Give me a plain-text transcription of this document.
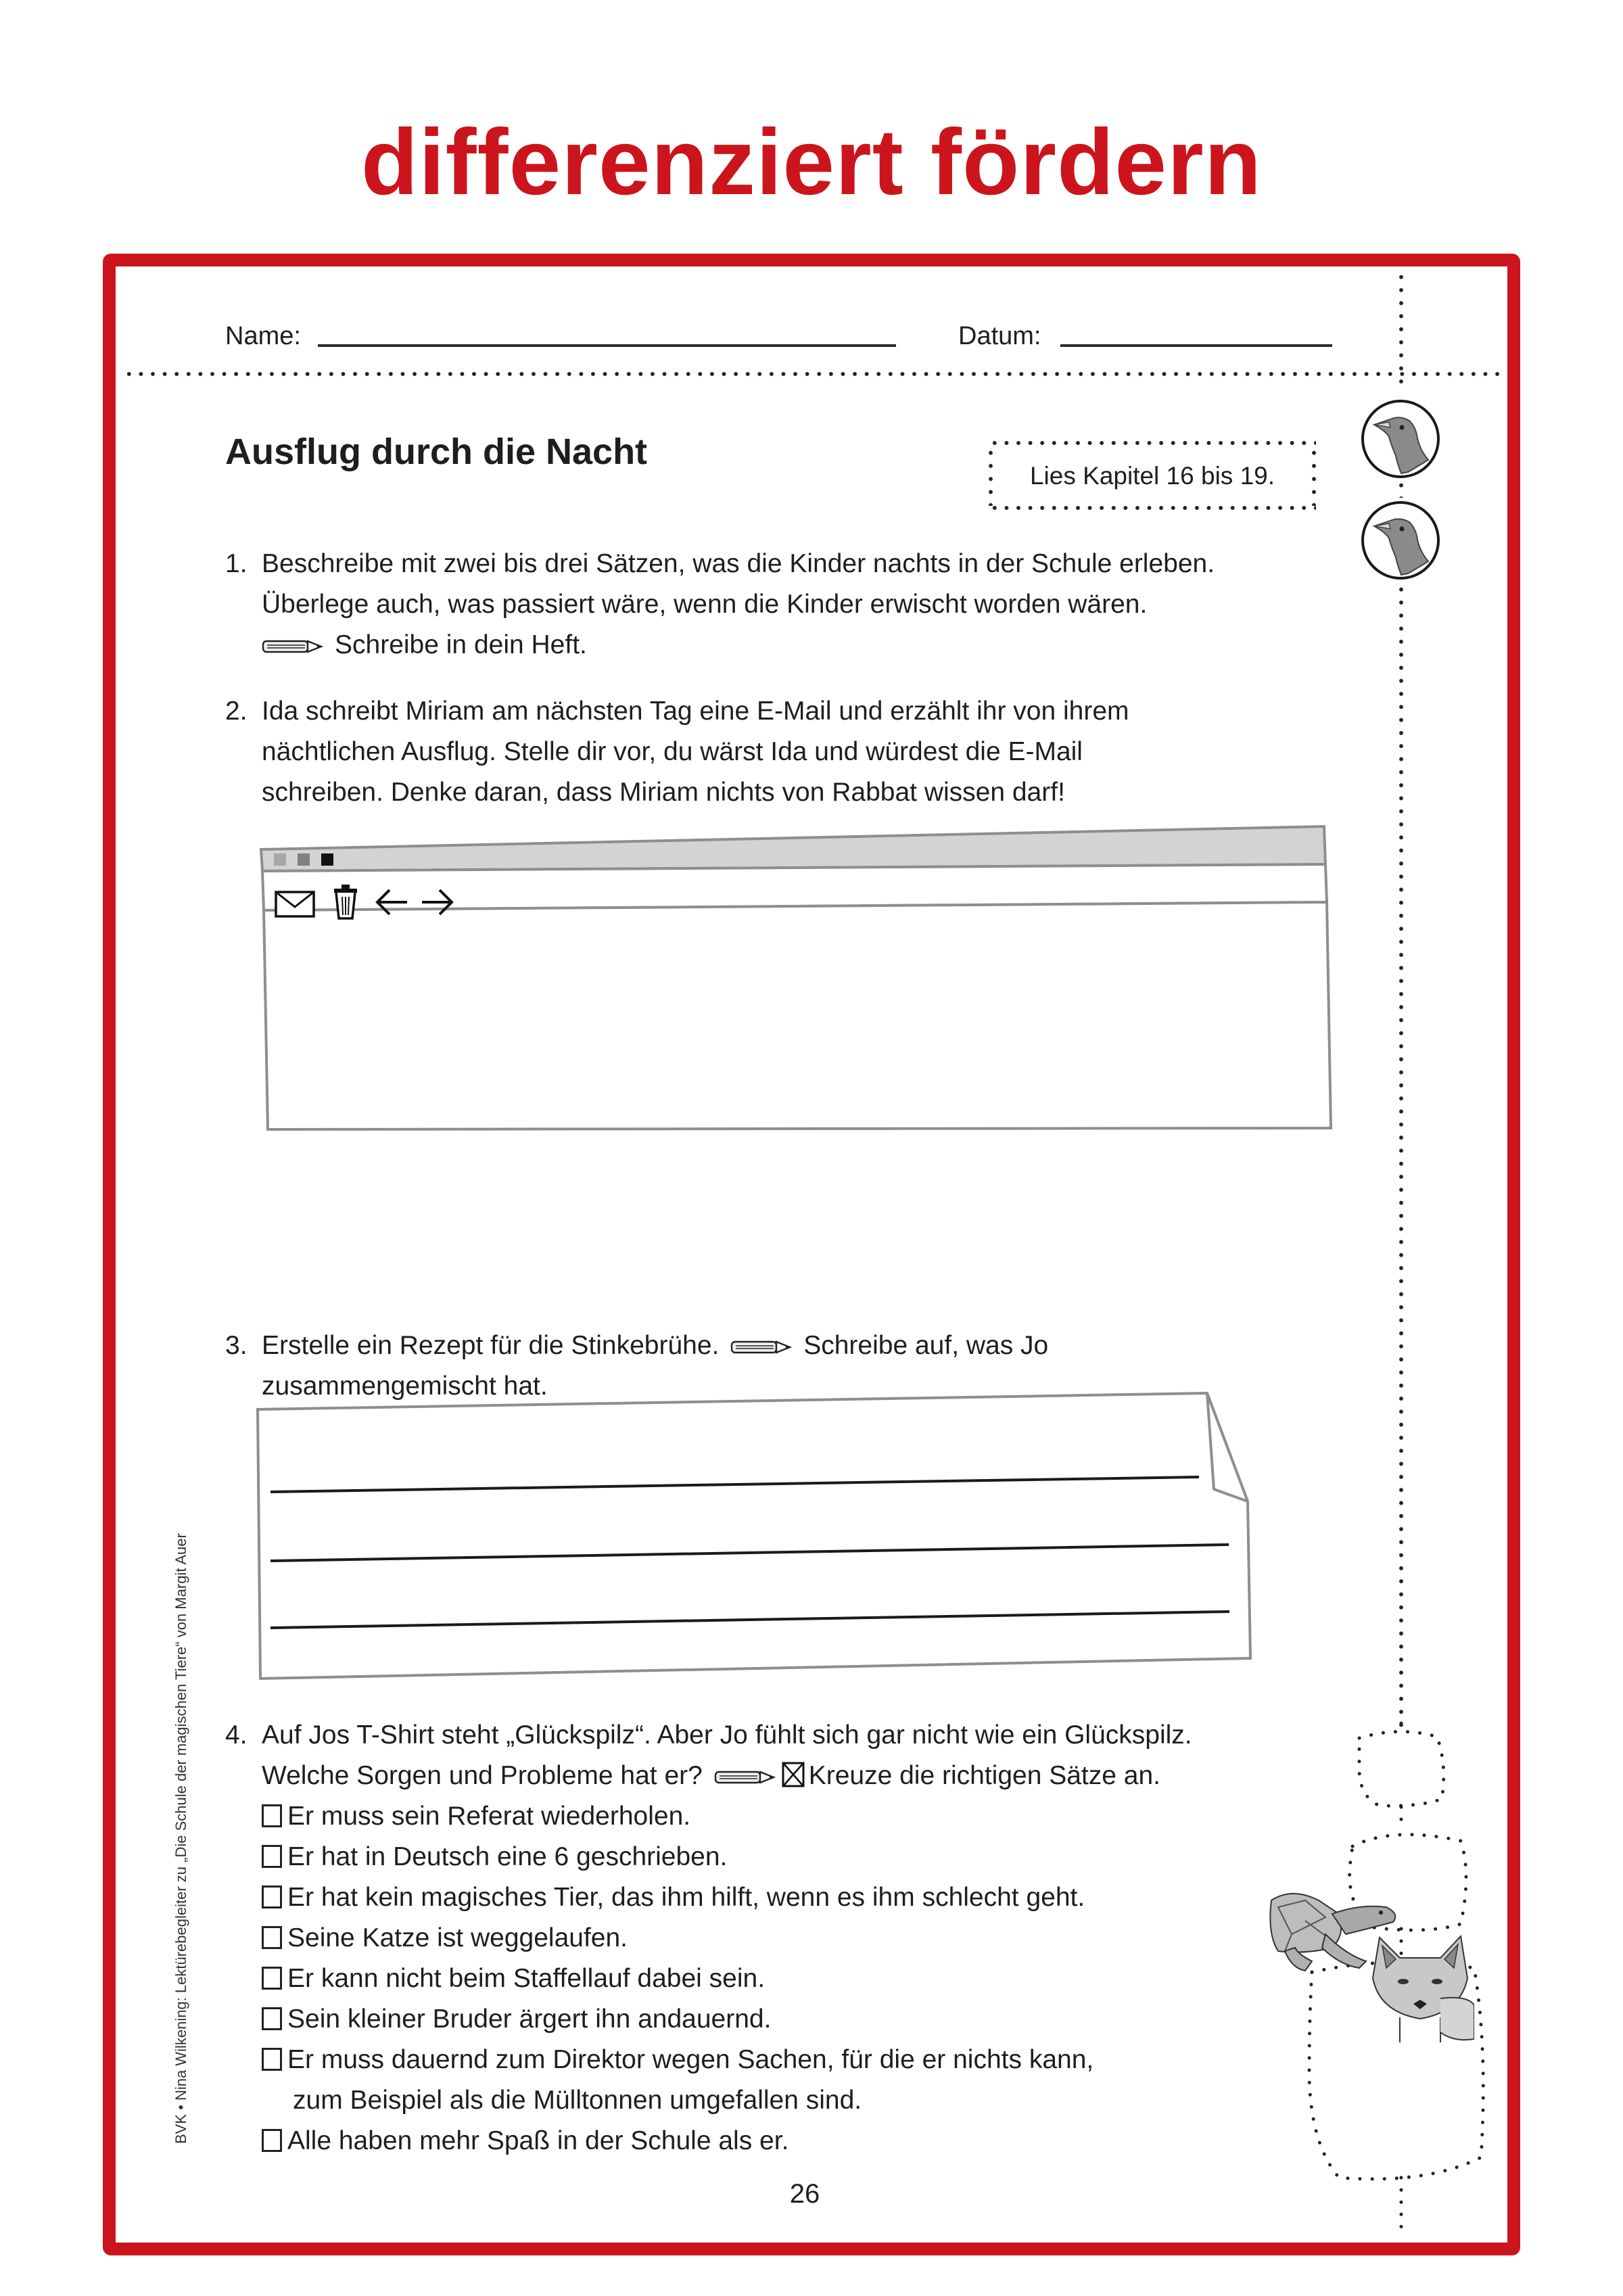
differenziert fördern
Name:	Datum:
Ausflug durch die Nacht
Lies Kapitel 16 bis 19.
1. Beschreibe mit zwei bis drei Sätzen, was die Kinder nachts in der Schule erleben.
Überlege auch, was passiert wäre, wenn die Kinder erwischt worden wären.
Schreibe in dein Heft.
2. Ida schreibt Miriam am nächsten Tag eine E-Mail und erzählt ihr von ihrem
nächtlichen Ausflug. Stelle dir vor, du wärst Ida und würdest die E-Mail
schreiben. Denke daran, dass Miriam nichts von Rabbat wissen darf!
3. Erstelle ein Rezept für die Stinkebrühe.	Schreibe auf, was Jo
zusammengemischt hat.
4. Auf Jos T-Shirt steht „Glückspilz“. Aber Jo fühlt sich gar nicht wie ein Glückspilz.
Welche Sorgen und Probleme hat er?	Kreuze die richtigen Sätze an.
Er muss sein Referat wiederholen.
Er hat in Deutsch eine 6 geschrieben.
Er hat kein magisches Tier, das ihm hilft, wenn es ihm schlecht geht.
Seine Katze ist weggelaufen.
Er kann nicht beim Staffellauf dabei sein.
Sein kleiner Bruder ärgert ihn andauernd.
Er muss dauernd zum Direktor wegen Sachen, für die er nichts kann,
zum Beispiel als die Mülltonnen umgefallen sind.
Alle haben mehr Spaß in der Schule als er.
BVK • Nina Wilkening: Lektürebegleiter zu „Die Schule der magischen Tiere“ von Margit Auer
26
